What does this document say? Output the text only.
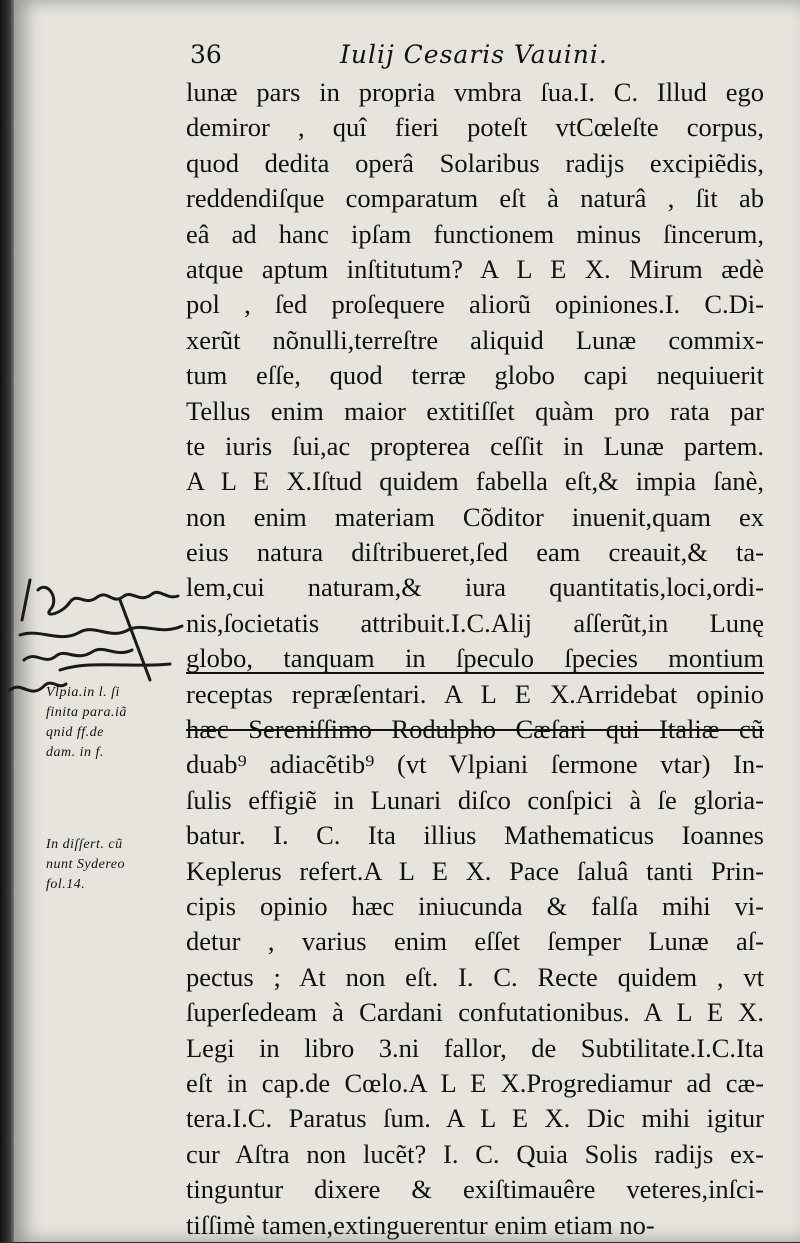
36	Iulij Cesaris Vauini.
lunæ pars in propria vmbra ſua.I. C. Illud ego
demiror , quî fieri poteſt vtCœleſte corpus,
quod dedita operâ Solaribus radijs excipiẽdis,
reddendiſque comparatum eſt à naturâ , ſit ab
eâ ad hanc ipſam functionem minus ſincerum,
atque aptum inſtitutum? A L E X. Mirum ædè
pol , ſed proſequere aliorũ opiniones.I. C.Di-
xerũt nõnulli,terreſtre aliquid Lunæ commix-
tum eſſe, quod terræ globo capi nequiuerit
Tellus enim maior extitiſſet quàm pro rata par
te iuris ſui,ac propterea ceſſit in Lunæ partem.
A L E X.Iſtud quidem fabella eſt,& impia ſanè,
non enim materiam Cõditor inuenit,quam ex
eius natura diſtribueret,ſed eam creauit,& ta-
lem,cui naturam,& iura quantitatis,loci,ordi-
nis,ſocietatis attribuit.I.C.Alij aſſerũt,in Lunę
globo, tanquam in ſpeculo ſpecies montium
receptas repræſentari. A L E X.Arridebat opinio
hæc Sereniſſimo Rodulpho Cæſari qui Italiæ cũ
duab⁹ adiacẽtib⁹ (vt Vlpiani ſermone vtar) In-
ſulis effigiẽ in Lunari diſco conſpici à ſe gloria-
batur. I. C. Ita illius Mathematicus Ioannes
Keplerus refert.A L E X. Pace ſaluâ tanti Prin-
cipis opinio hæc iniucunda & falſa mihi vi-
detur , varius enim eſſet ſemper Lunæ aſ-
pectus ; At non eſt. I. C. Recte quidem , vt
ſuperſedeam à Cardani confutationibus. A L E X.
Legi in libro 3.ni fallor, de Subtilitate.I.C.Ita
eſt in cap.de Cœlo.A L E X.Progrediamur ad cæ-
tera.I.C. Paratus ſum. A L E X. Dic mihi igitur
cur Aſtra non lucẽt? I. C. Quia Solis radijs ex-
tinguntur dixere & exiſtimauêre veteres,inſci-
tiſſimè tamen,extinguerentur enim etiam no-
Vlpia.in l. ſi
finita para.iã
qnid ff.de
dam. in f.
In diſſert. cũ
nunt Sydereo
fol.14.
